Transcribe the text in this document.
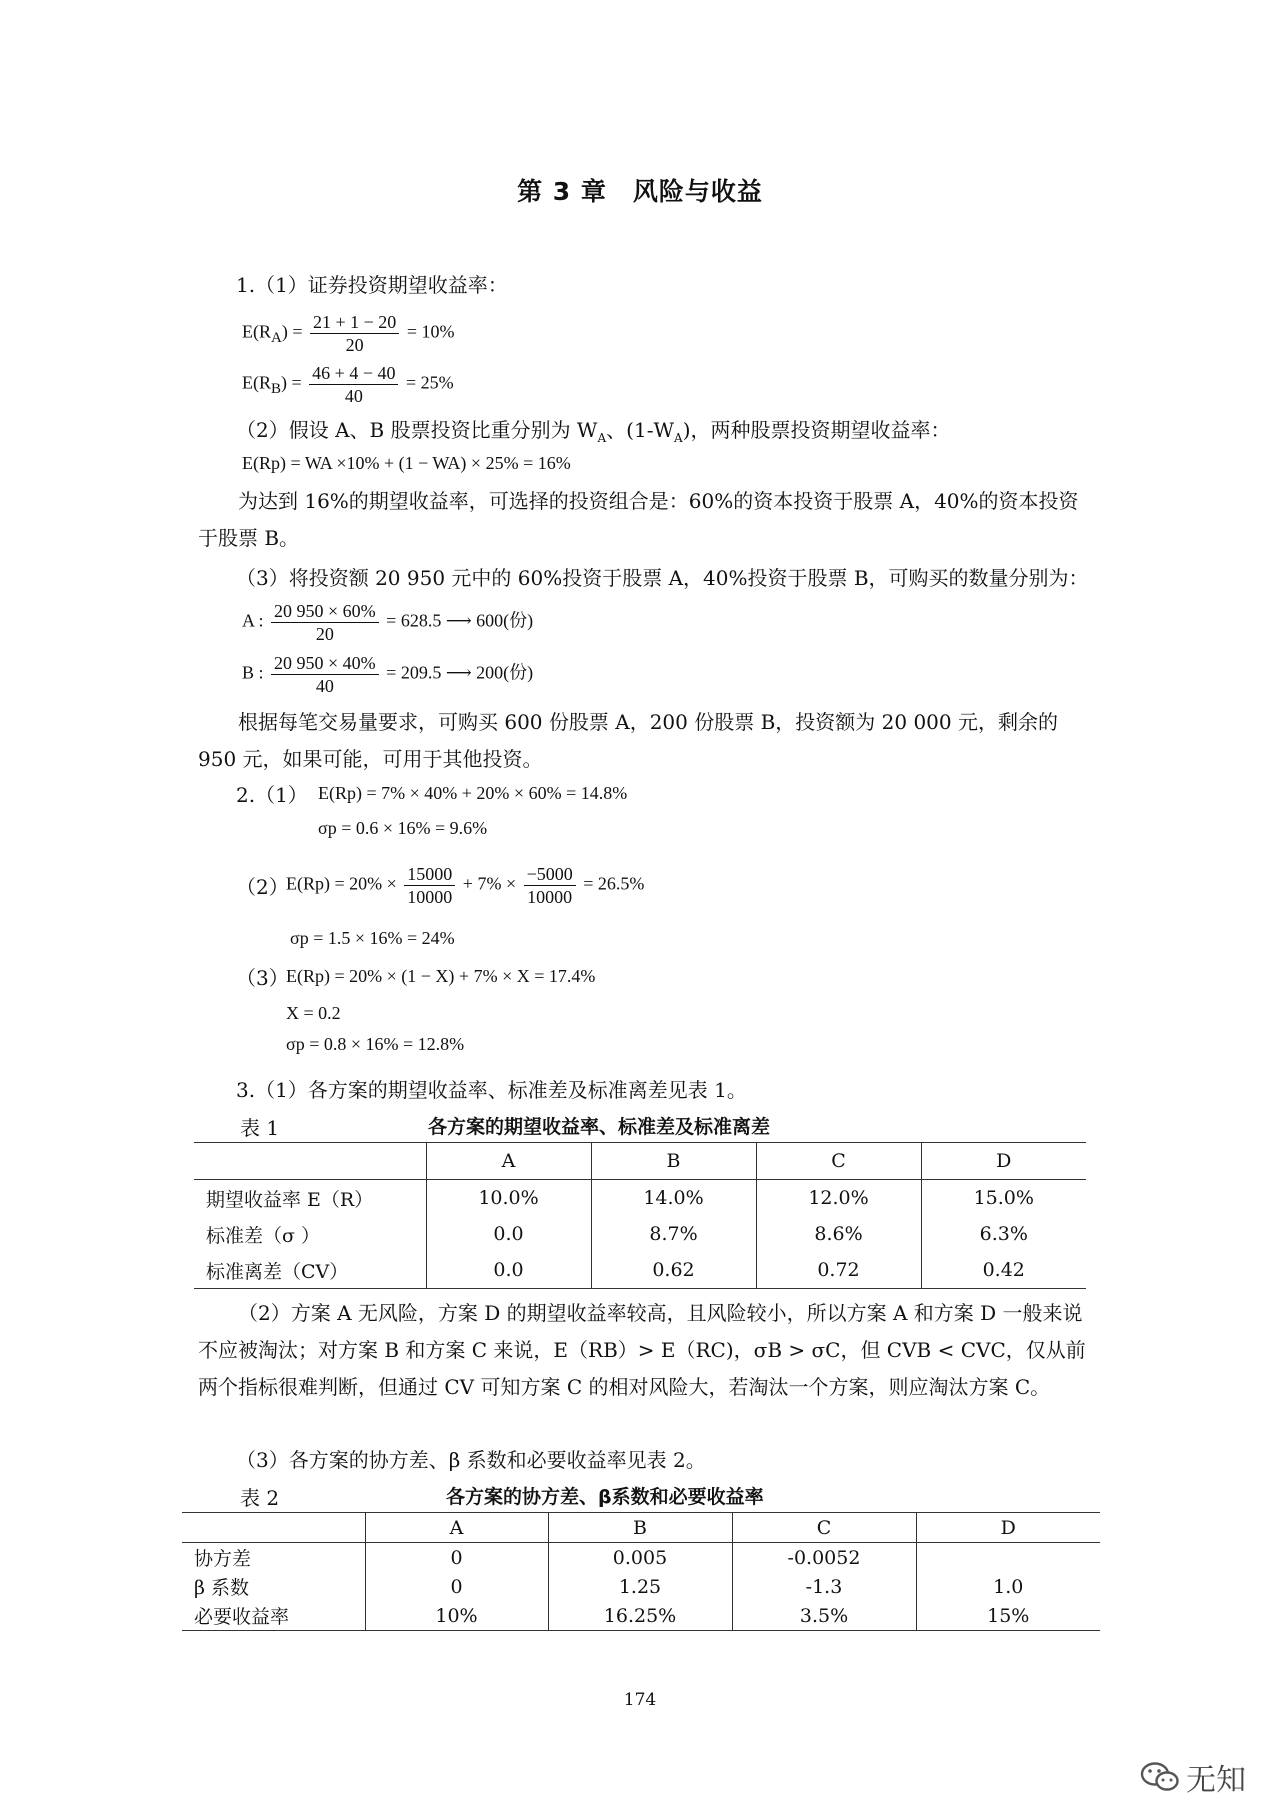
第 3 章　风险与收益
1.（1）证券投资期望收益率：
$E(R_A) = \frac{21 + 1 - 20}{20} = 10\%$
$E(R_B) = \frac{46 + 4 - 40}{40} = 25\%$
（2）假设 A、B 股票投资比重分别为 $W_A$、$(1-W_A)$，两种股票投资期望收益率：
E(Rp) = WA ×10% + (1 − WA) × 25% = 16%
为达到 16%的期望收益率，可选择的投资组合是：60%的资本投资于股票 A，40%的资本投资于股票 B。
（3）将投资额 20 950 元中的 60%投资于股票 A，40%投资于股票 B，可购买的数量分别为：
A : $\frac{20 950 \times 60\%}{20} = 628.5$ ⟶ 600(份)
B : $\frac{20 950 \times 40\%}{40} = 209.5$ ⟶ 200(份)
根据每笔交易量要求，可购买 600 份股票 A，200 份股票 B，投资额为 20 000 元，剩余的 950 元，如果可能，可用于其他投资。
2.（1） E(Rp) = 7% × 40% + 20% × 60% = 14.8%
σp = 0.6 × 16% = 9.6%
（2）
$E(Rp) = 20\% \times \frac{15000}{10000} + 7\% \times \frac{-5000}{10000} = 26.5\%$
σp = 1.5 × 16% = 24%
（3）
E(Rp) = 20% × (1 − X) + 7% × X = 17.4%
X = 0.2
σp = 0.8 × 16% = 12.8%
3.（1）各方案的期望收益率、标准差及标准离差见表 1。
表 1	各方案的期望收益率、标准差及标准离差
	A	B	C	D
期望收益率 E（R）	10.0%	14.0%	12.0%	15.0%
标准差（σ ）	0.0	8.7%	8.6%	6.3%
标准离差（CV）	0.0	0.62	0.72	0.42
（2）方案 A 无风险，方案 D 的期望收益率较高，且风险较小，所以方案 A 和方案 D 一般来说不应被淘汰；对方案 B 和方案 C 来说，E（RB）> E（RC)，σB > σC，但 CVB < CVC，仅从前两个指标很难判断，但通过 CV 可知方案 C 的相对风险大，若淘汰一个方案，则应淘汰方案 C。
（3）各方案的协方差、β 系数和必要收益率见表 2。
表 2	各方案的协方差、β系数和必要收益率
	A	B	C	D
协方差	0	0.005	-0.0052	
β 系数	0	1.25	-1.3	1.0
必要收益率	10%	16.25%	3.5%	15%
174
无知
